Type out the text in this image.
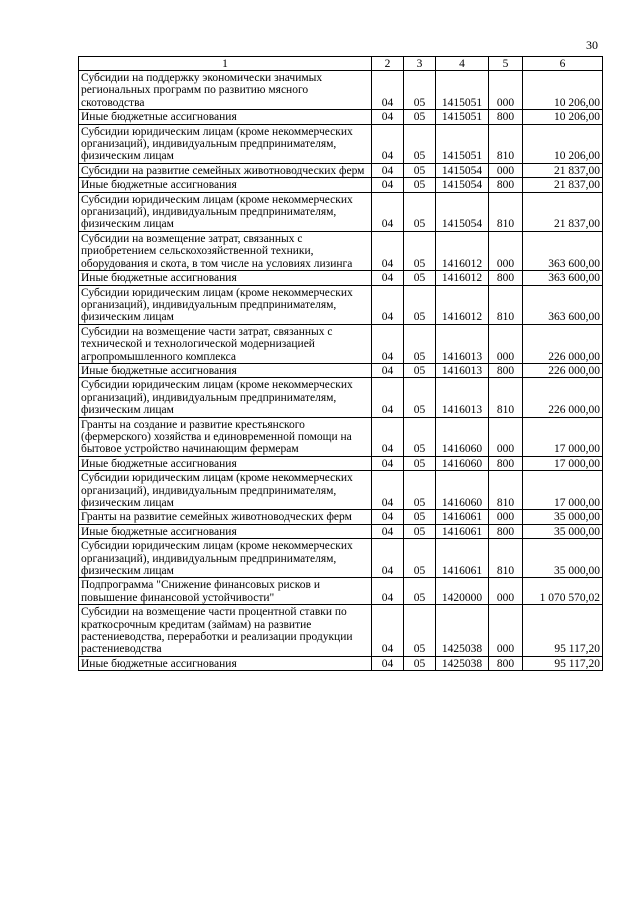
30
1	2	3	4	5	6
Субсидии на поддержку экономически значимых региональных программ по развитию мясного скотоводства	04	05	1415051	000	10 206,00
Иные бюджетные ассигнования	04	05	1415051	800	10 206,00
Субсидии юридическим лицам (кроме некоммерческих организаций), индивидуальным предпринимателям, физическим лицам	04	05	1415051	810	10 206,00
Субсидии на развитие семейных животноводческих ферм	04	05	1415054	000	21 837,00
Иные бюджетные ассигнования	04	05	1415054	800	21 837,00
Субсидии юридическим лицам (кроме некоммерческих организаций), индивидуальным предпринимателям, физическим лицам	04	05	1415054	810	21 837,00
Субсидии на возмещение затрат, связанных с приобретением сельскохозяйственной техники, оборудования и скота, в том числе на условиях лизинга	04	05	1416012	000	363 600,00
Иные бюджетные ассигнования	04	05	1416012	800	363 600,00
Субсидии юридическим лицам (кроме некоммерческих организаций), индивидуальным предпринимателям, физическим лицам	04	05	1416012	810	363 600,00
Субсидии на возмещение части затрат, связанных с технической и технологической модернизацией агропромышленного комплекса	04	05	1416013	000	226 000,00
Иные бюджетные ассигнования	04	05	1416013	800	226 000,00
Субсидии юридическим лицам (кроме некоммерческих организаций), индивидуальным предпринимателям, физическим лицам	04	05	1416013	810	226 000,00
Гранты на создание и развитие крестьянского (фермерского) хозяйства и единовременной помощи на бытовое устройство начинающим фермерам	04	05	1416060	000	17 000,00
Иные бюджетные ассигнования	04	05	1416060	800	17 000,00
Субсидии юридическим лицам (кроме некоммерческих организаций), индивидуальным предпринимателям, физическим лицам	04	05	1416060	810	17 000,00
Гранты на развитие семейных животноводческих ферм	04	05	1416061	000	35 000,00
Иные бюджетные ассигнования	04	05	1416061	800	35 000,00
Субсидии юридическим лицам (кроме некоммерческих организаций), индивидуальным предпринимателям, физическим лицам	04	05	1416061	810	35 000,00
Подпрограмма "Снижение финансовых рисков и повышение финансовой устойчивости"	04	05	1420000	000	1 070 570,02
Субсидии на возмещение части процентной ставки по краткосрочным кредитам (займам) на развитие растениеводства, переработки и реализации продукции растениеводства	04	05	1425038	000	95 117,20
Иные бюджетные ассигнования	04	05	1425038	800	95 117,20
